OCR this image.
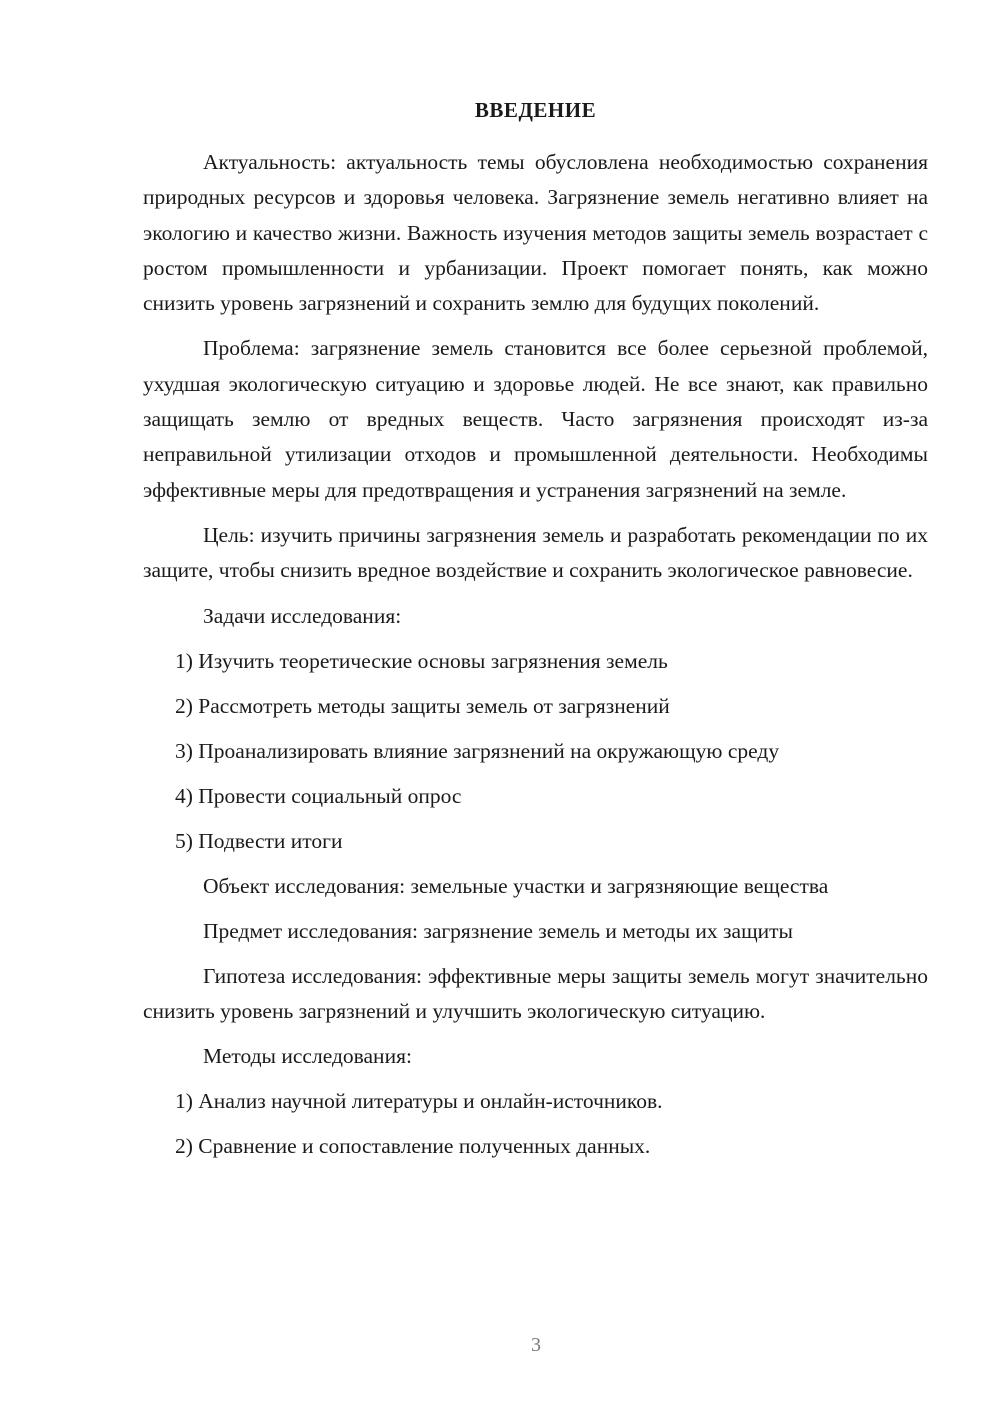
ВВЕДЕНИЕ

Актуальность: актуальность темы обусловлена необходимостью сохранения природных ресурсов и здоровья человека. Загрязнение земель негативно влияет на экологию и качество жизни. Важность изучения методов защиты земель возрастает с ростом промышленности и урбанизации. Проект помогает понять, как можно снизить уровень загрязнений и сохранить землю для будущих поколений.

Проблема: загрязнение земель становится все более серьезной проблемой, ухудшая экологическую ситуацию и здоровье людей. Не все знают, как правильно защищать землю от вредных веществ. Часто загрязнения происходят из-за неправильной утилизации отходов и промышленной деятельности. Необходимы эффективные меры для предотвращения и устранения загрязнений на земле.

Цель: изучить причины загрязнения земель и разработать рекомендации по их защите, чтобы снизить вредное воздействие и сохранить экологическое равновесие.

Задачи исследования:
1) Изучить теоретические основы загрязнения земель
2) Рассмотреть методы защиты земель от загрязнений
3) Проанализировать влияние загрязнений на окружающую среду
4) Провести социальный опрос
5) Подвести итоги
Объект исследования: земельные участки и загрязняющие вещества
Предмет исследования: загрязнение земель и методы их защиты

Гипотеза исследования: эффективные меры защиты земель могут значительно снизить уровень загрязнений и улучшить экологическую ситуацию.

Методы исследования:
1) Анализ научной литературы и онлайн-источников.
2) Сравнение и сопоставление полученных данных.
3
